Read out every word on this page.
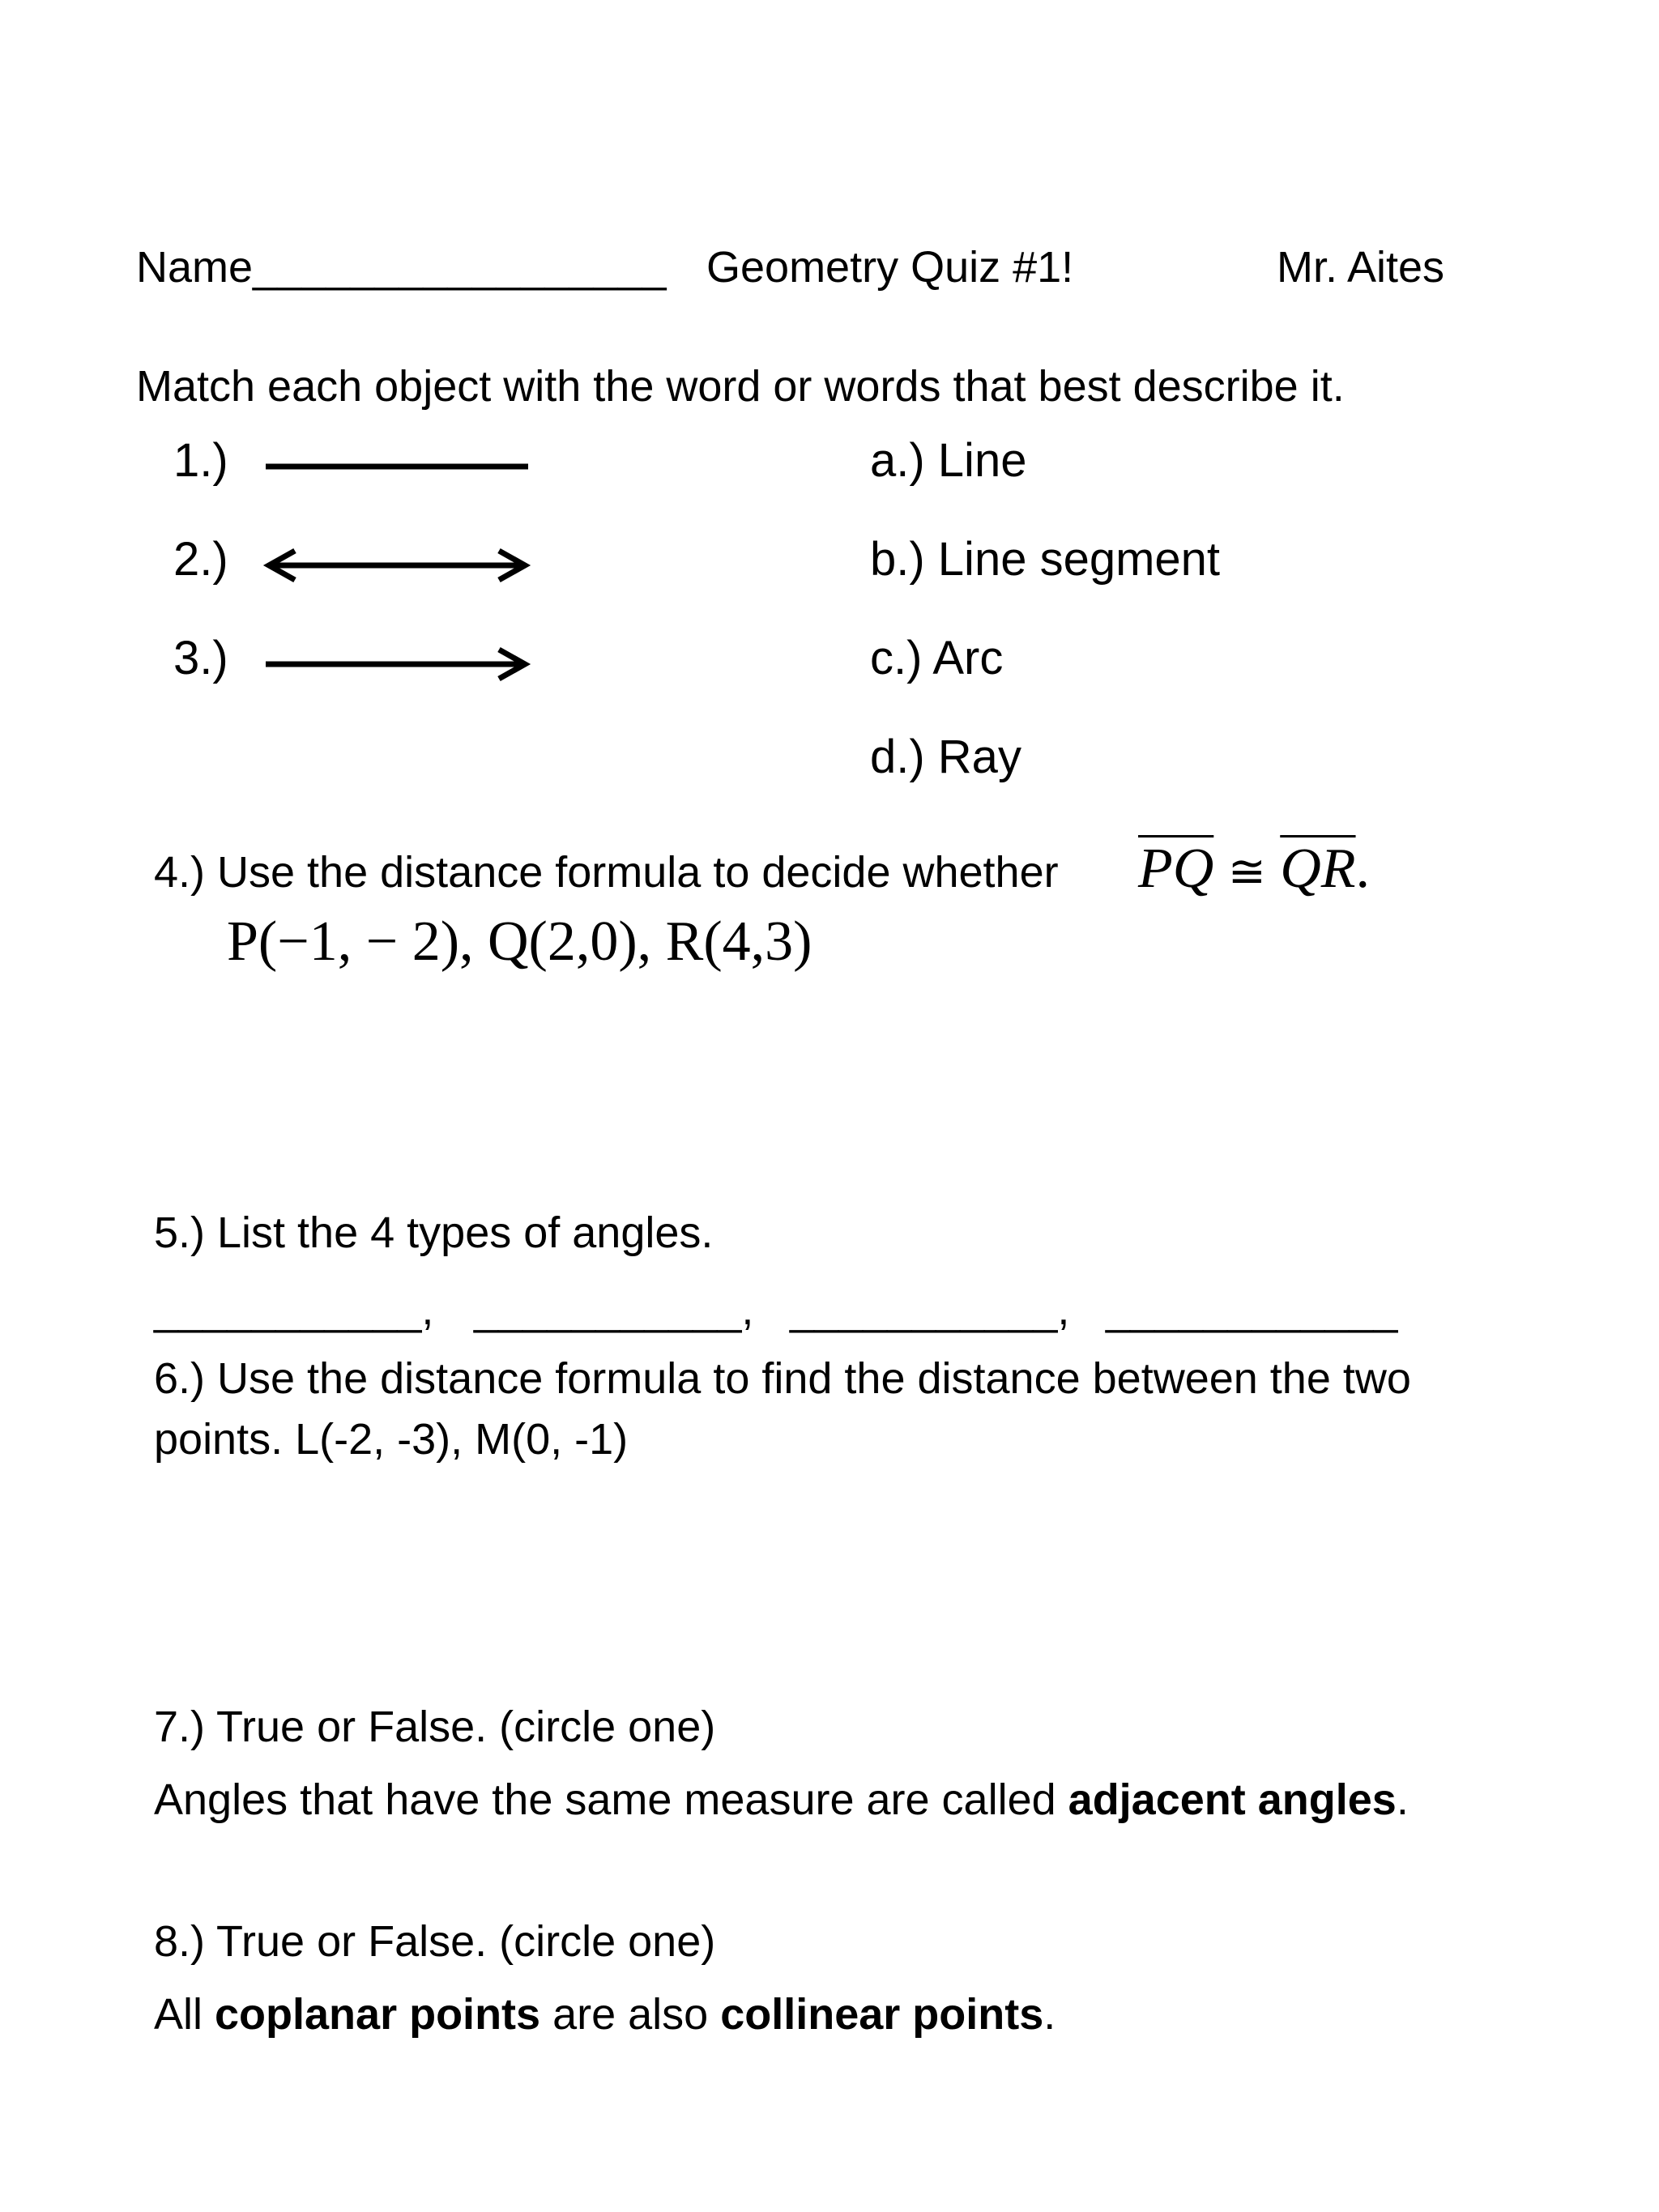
Name_________________ Geometry Quiz #1!	Mr. Aites
Match each object with the word or words that best describe it.
1.)
2.)
3.)
a.) Line
b.) Line segment
c.) Arc
d.) Ray
4.) Use the distance formula to decide whether $\overline{PQ}$ ≅ $\overline{QR}$.
P(−1, − 2), Q(2,0), R(4,3)
5.) List the 4 types of angles.
___________, ___________, ___________, ____________
6.) Use the distance formula to find the distance between the two
points. L(-2, -3), M(0, -1)
7.) True or False. (circle one)
Angles that have the same measure are called adjacent angles.
8.) True or False. (circle one)
All coplanar points are also collinear points.
